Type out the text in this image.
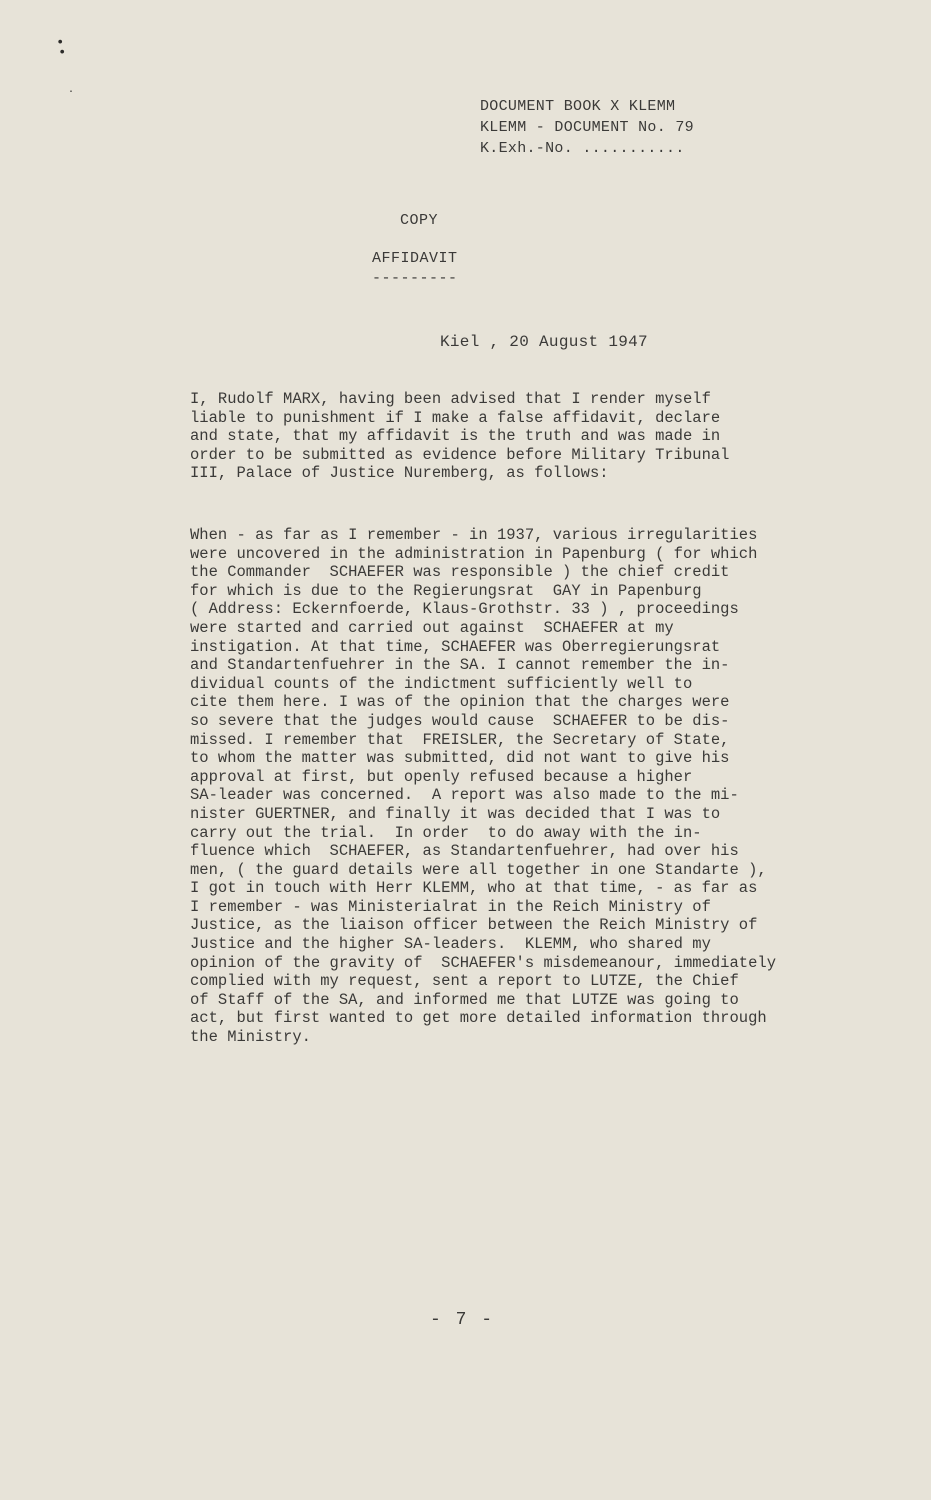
•
•
·
DOCUMENT BOOK X KLEMM
KLEMM - DOCUMENT No. 79
K.Exh.-No. ...........
COPY
AFFIDAVIT
---------
Kiel , 20 August 1947
I, Rudolf MARX, having been advised that I render myself
liable to punishment if I make a false affidavit, declare
and state, that my affidavit is the truth and was made in
order to be submitted as evidence before Military Tribunal
III, Palace of Justice Nuremberg, as follows:
When - as far as I remember - in 1937, various irregularities
were uncovered in the administration in Papenburg ( for which
the Commander  SCHAEFER was responsible ) the chief credit
for which is due to the Regierungsrat  GAY in Papenburg
( Address: Eckernfoerde, Klaus-Grothstr. 33 ) , proceedings
were started and carried out against  SCHAEFER at my
instigation. At that time, SCHAEFER was Oberregierungsrat
and Standartenfuehrer in the SA. I cannot remember the in-
dividual counts of the indictment sufficiently well to
cite them here. I was of the opinion that the charges were
so severe that the judges would cause  SCHAEFER to be dis-
missed. I remember that  FREISLER, the Secretary of State,
to whom the matter was submitted, did not want to give his
approval at first, but openly refused because a higher
SA-leader was concerned.  A report was also made to the mi-
nister GUERTNER, and finally it was decided that I was to
carry out the trial.  In order  to do away with the in-
fluence which  SCHAEFER, as Standartenfuehrer, had over his
men, ( the guard details were all together in one Standarte ),
I got in touch with Herr KLEMM, who at that time, - as far as
I remember - was Ministerialrat in the Reich Ministry of
Justice, as the liaison officer between the Reich Ministry of
Justice and the higher SA-leaders.  KLEMM, who shared my
opinion of the gravity of  SCHAEFER's misdemeanour, immediately
complied with my request, sent a report to LUTZE, the Chief
of Staff of the SA, and informed me that LUTZE was going to
act, but first wanted to get more detailed information through
the Ministry.
- 7 -
